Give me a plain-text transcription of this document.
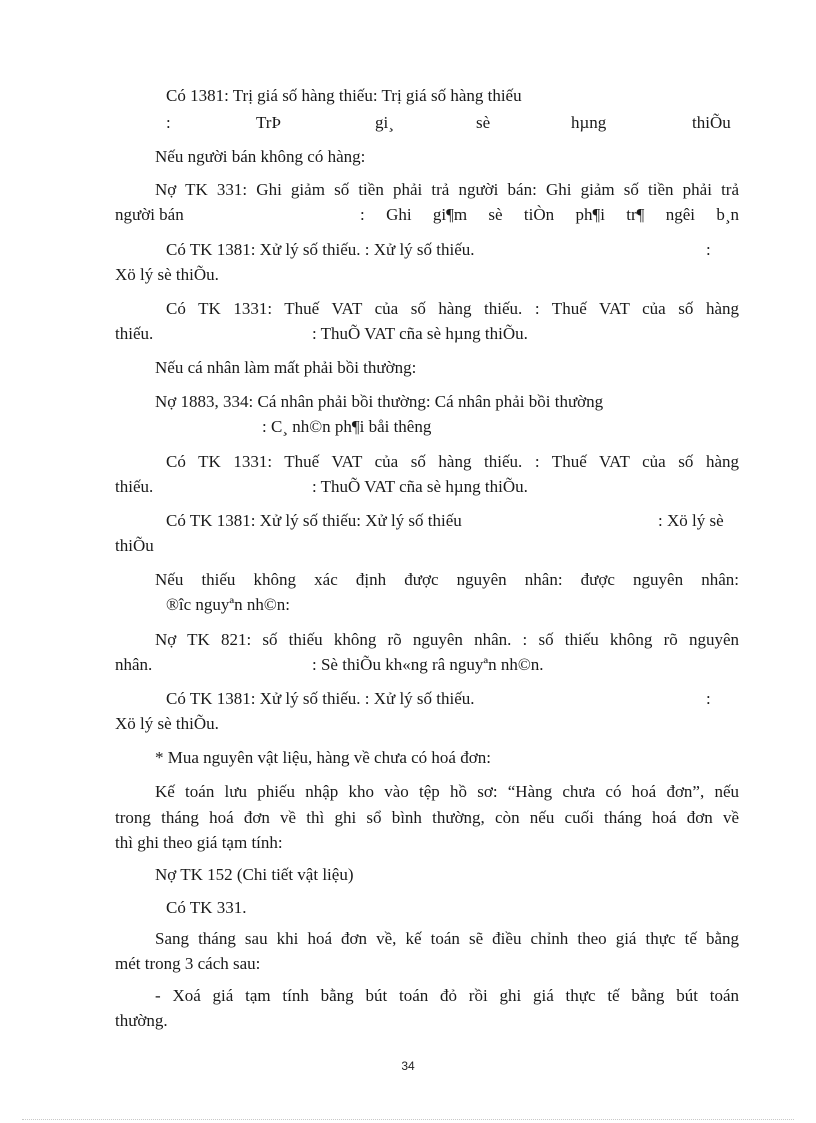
Có 1381: Trị giá số hàng thiếu: Trị giá số hàng thiếu
:	TrÞ	gi¸	sè	hµng	thiÕu
Nếu người bán không có hàng:
Nợ TK 331: Ghi giảm số tiền phải trả người bán: Ghi giảm số tiền phải trả
người bán	: Ghi gi¶m sè tiÒn ph¶i tr¶ ngêi b¸n
Có TK 1381: Xử lý số thiếu. : Xử lý số thiếu.	:
Xö lý sè thiÕu.
Có TK 1331: Thuế VAT của số hàng thiếu. : Thuế VAT của số hàng
thiếu.	: ThuÕ VAT cña sè hµng thiÕu.
Nếu cá nhân làm mất phải bồi thường:
Nợ 1883, 334: Cá nhân phải bồi thường: Cá nhân phải bồi thường
: C¸ nh©n ph¶i båi thêng
Có TK 1331: Thuế VAT của số hàng thiếu. : Thuế VAT của số hàng
thiếu.	: ThuÕ VAT cña sè hµng thiÕu.
Có TK 1381: Xử lý số thiếu: Xử lý số thiếu	: Xö lý sè
thiÕu
Nếu thiếu không xác định được nguyên nhân: được nguyên nhân:
®îc nguyªn nh©n:
Nợ TK 821: số thiếu không rõ nguyên nhân. : số thiếu không rõ nguyên
nhân.	: Sè thiÕu kh«ng râ nguyªn nh©n.
Có TK 1381: Xử lý số thiếu. : Xử lý số thiếu.	:
Xö lý sè thiÕu.
* Mua nguyên vật liệu, hàng về chưa có hoá đơn:
Kế toán lưu phiếu nhập kho vào tệp hồ sơ: “Hàng chưa có hoá đơn”, nếu
trong tháng hoá đơn về thì ghi sổ bình thường, còn nếu cuối tháng hoá đơn về
thì ghi theo giá tạm tính:
Nợ TK 152 (Chi tiết vật liệu)
Có TK 331.
Sang tháng sau khi hoá đơn về, kế toán sẽ điều chỉnh theo giá thực tế bằng
mét trong 3 cách sau:
- Xoá giá tạm tính bằng bút toán đỏ rồi ghi giá thực tế bằng bút toán
thường.
34
